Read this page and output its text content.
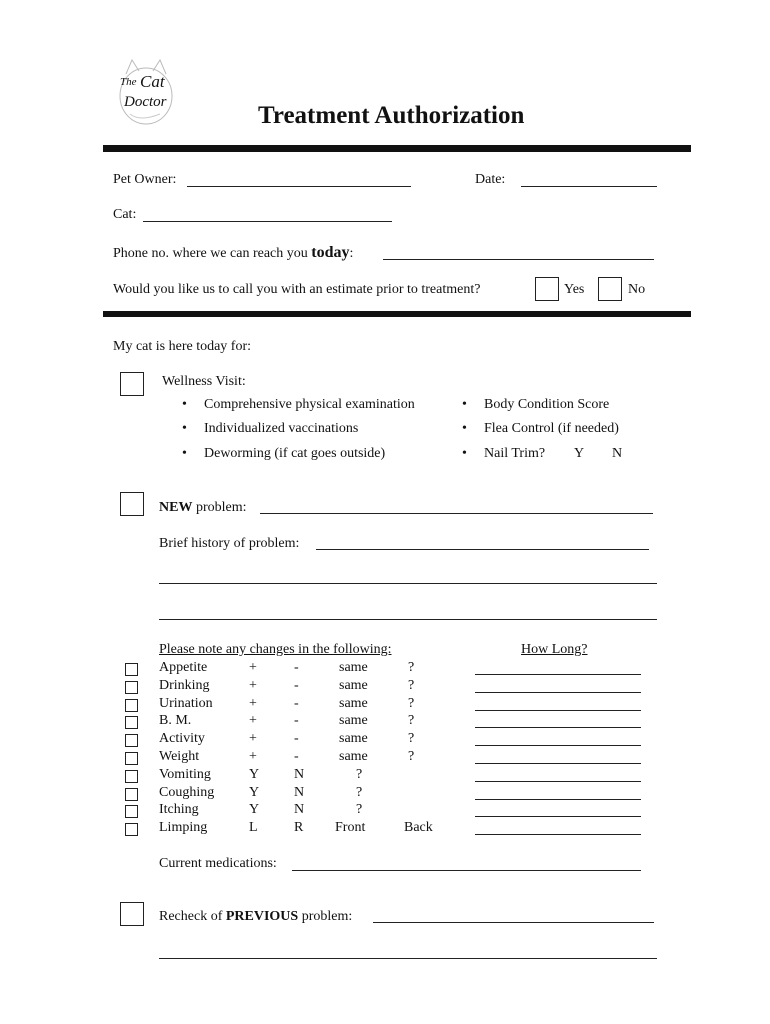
The Cat
Doctor	Treatment Authorization
Pet Owner:	Date:
Cat:
Phone no. where we can reach you today:
Would you like us to call you with an estimate prior to treatment?	Yes	No
My cat is here today for:
Wellness Visit:
• Comprehensive physical examination
• Individualized vaccinations
• Deworming (if cat goes outside)
• Body Condition Score
• Flea Control (if needed)
• Nail Trim? Y N
NEW problem:
Brief history of problem:
Please note any changes in the following:	How Long?
Appetite	+	-	same	?
Drinking	+	-	same	?
Urination	+	-	same	?
B. M.	+	-	same	?
Activity	+	-	same	?
Weight	+	-	same	?
Vomiting	Y N	?
Coughing Y N	?
Itching	Y N	?
Limping	L	R Front	Back
Current medications:
Recheck of PREVIOUS problem:
